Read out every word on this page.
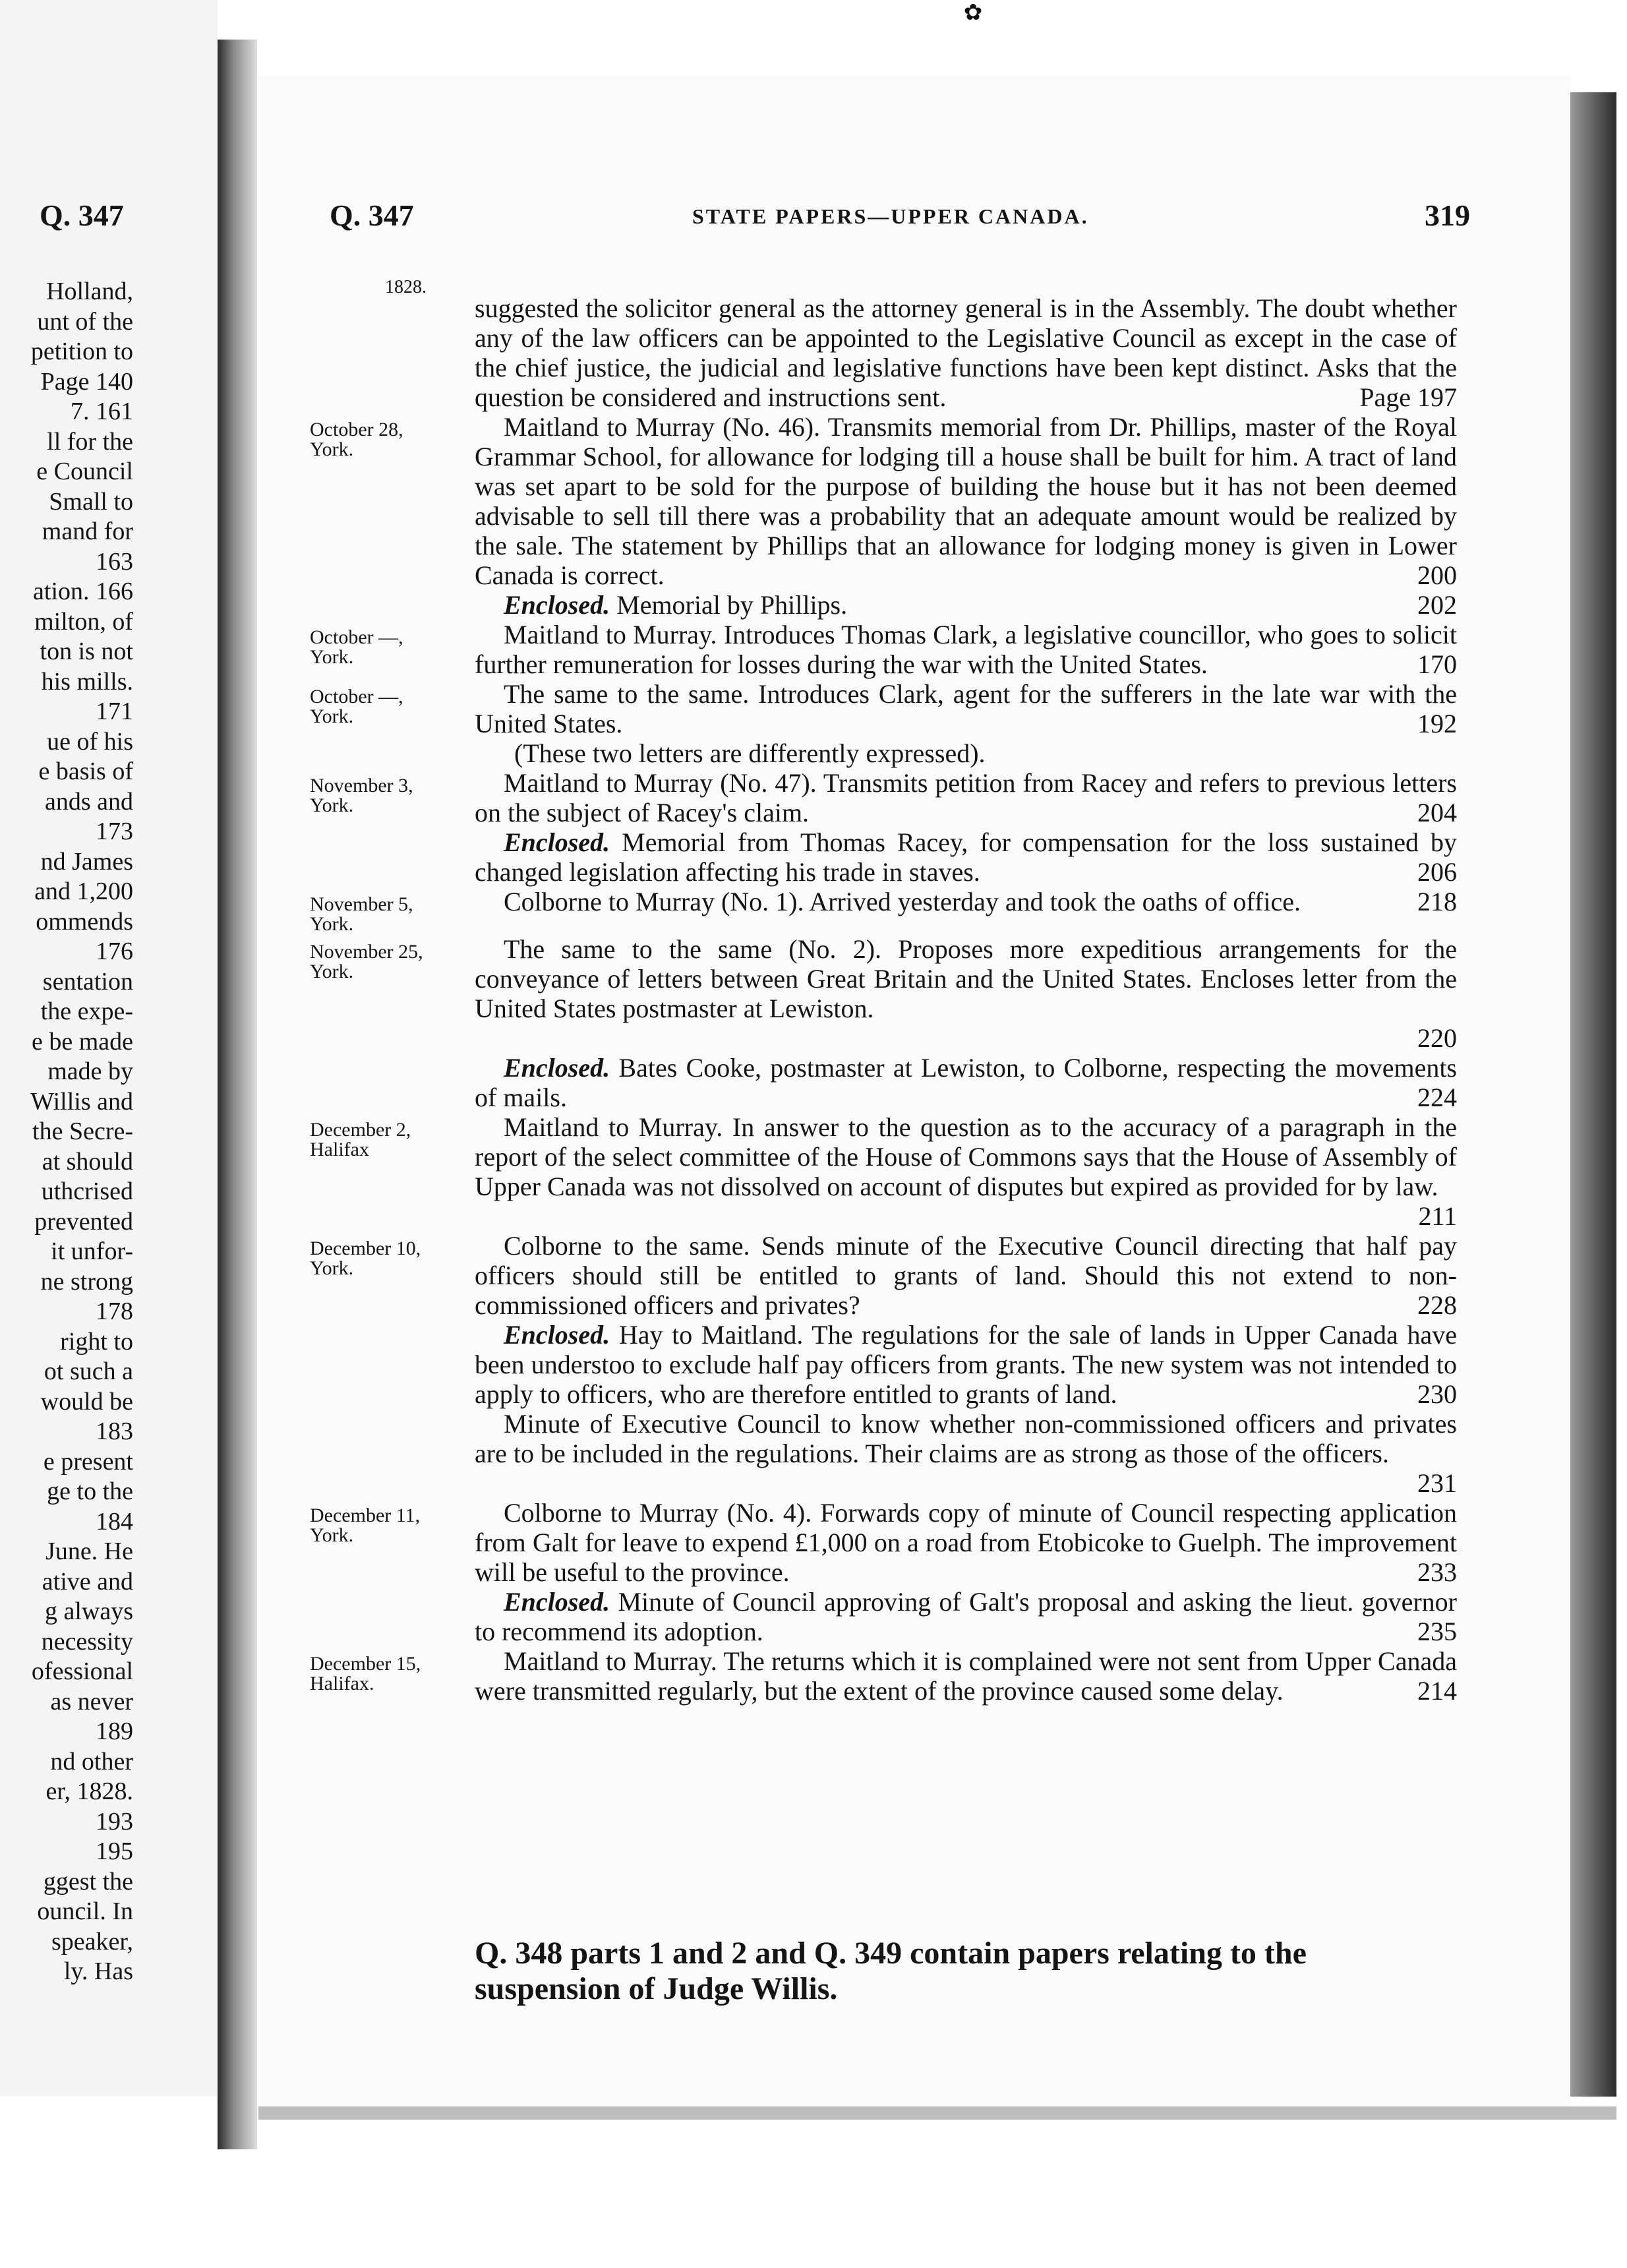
Q. 347
Holland,
unt of the
petition to
Page 140
7. 161
ll for the
e Council
Small to
mand for
163
ation. 166
milton, of
ton is not
his mills.
171
ue of his
e basis of
ands and
173
nd James
and 1,200
ommends
176
sentation
the expe-
e be made
made by
Willis and
the Secre-
at should
uthcrised
prevented
it unfor-
ne strong
178
right to
ot such a
would be
183
e present
ge to the
184
June. He
ative and
g always
necessity
ofessional
as never
189
nd other
er, 1828.
193
195
ggest the
ouncil. In
speaker,
ly. Has
✿
Q. 347	STATE PAPERS—UPPER CANADA.	319
1828.

suggested the solicitor general as the attorney general is in the Assembly. The doubt whether any of the law officers can be appointed to the Legislative Council as except in the case of the chief justice, the judicial and legislative functions have been kept distinct. Asks that the question be considered and instructions sent.	Page 197

October 28,
York.

Maitland to Murray (No. 46). Transmits memorial from Dr. Phillips, master of the Royal Grammar School, for allowance for lodging till a house shall be built for him. A tract of land was set apart to be sold for the purpose of building the house but it has not been deemed advisable to sell till there was a probability that an adequate amount would be realized by the sale. The statement by Phillips that an allowance for lodging money is given in Lower Canada is correct.	200

Enclosed. Memorial by Phillips.	202

October —,
York.

Maitland to Murray. Introduces Thomas Clark, a legislative councillor, who goes to solicit further remuneration for losses during the war with the United States.	170

October —,
York.

The same to the same. Introduces Clark, agent for the sufferers in the late war with the United States.	192

(These two letters are differently expressed).

November 3,
York.

Maitland to Murray (No. 47). Transmits petition from Racey and refers to previous letters on the subject of Racey's claim.	204

Enclosed. Memorial from Thomas Racey, for compensation for the loss sustained by changed legislation affecting his trade in staves.	206

November 5,
York.

Colborne to Murray (No. 1). Arrived yesterday and took the oaths of office.	218

November 25,
York.

The same to the same (No. 2). Proposes more expeditious arrangements for the conveyance of letters between Great Britain and the United States. Encloses letter from the United States postmaster at Lewiston.

220

Enclosed. Bates Cooke, postmaster at Lewiston, to Colborne, respecting the movements of mails.	224

December 2,
Halifax

Maitland to Murray. In answer to the question as to the accuracy of a paragraph in the report of the select committee of the House of Commons says that the House of Assembly of Upper Canada was not dissolved on account of disputes but expired as provided for by law.
211

December 10,
York.

Colborne to the same. Sends minute of the Executive Council directing that half pay officers should still be entitled to grants of land. Should this not extend to non-commissioned officers and privates?	228

Enclosed. Hay to Maitland. The regulations for the sale of lands in Upper Canada have been understoo to exclude half pay officers from grants. The new system was not intended to apply to officers, who are therefore entitled to grants of land.	230

Minute of Executive Council to know whether non-commissioned officers and privates are to be included in the regulations. Their claims are as strong as those of the officers.
231

December 11,
York.

Colborne to Murray (No. 4). Forwards copy of minute of Council respecting application from Galt for leave to expend £1,000 on a road from Etobicoke to Guelph. The improvement will be useful to the province.	233

Enclosed. Minute of Council approving of Galt's proposal and asking the lieut. governor to recommend its adoption.	235

December 15,
Halifax.

Maitland to Murray. The returns which it is complained were not sent from Upper Canada were transmitted regularly, but the extent of the province caused some delay.	214

Q. 348 parts 1 and 2 and Q. 349 contain papers relating to the suspension of Judge Willis.
